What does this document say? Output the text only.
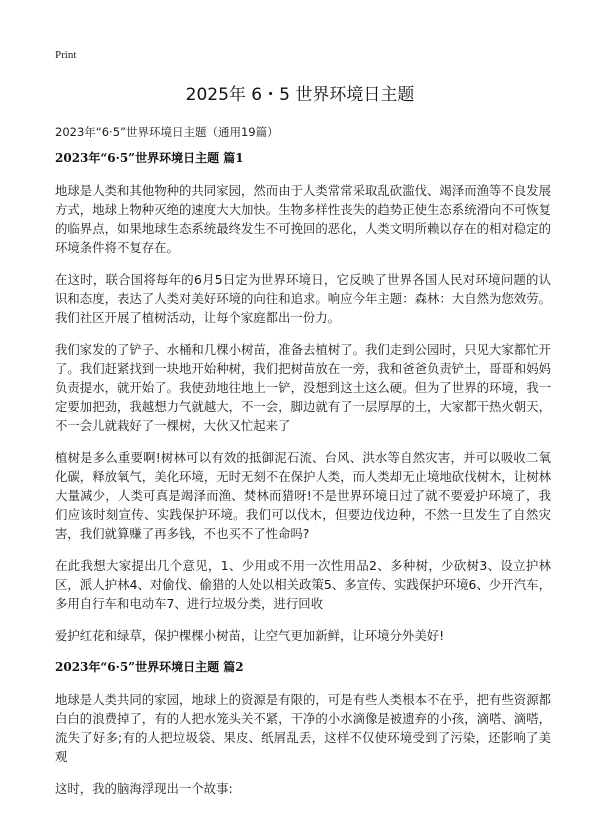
Print
2025年 6・5 世界环境日主题
2023年“6·5”世界环境日主题（通用19篇）
2023年“6·5”世界环境日主题 篇1

地球是人类和其他物种的共同家园，然而由于人类常常采取乱砍滥伐、竭泽而渔等不良发展方式，地球上物种灭绝的速度大大加快。生物多样性丧失的趋势正使生态系统滑向不可恢复的临界点，如果地球生态系统最终发生不可挽回的恶化，人类文明所赖以存在的相对稳定的环境条件将不复存在。

在这时，联合国将每年的6月5日定为世界环境日，它反映了世界各国人民对环境问题的认识和态度，表达了人类对美好环境的向往和追求。响应今年主题：森林：大自然为您效劳。我们社区开展了植树活动，让每个家庭都出一份力。

我们家发的了铲子、水桶和几棵小树苗，准备去植树了。我们走到公园时，只见大家都忙开了。我们赶紧找到一块地开始种树，我们把树苗放在一旁，我和爸爸负责铲土，哥哥和妈妈负责提水，就开始了。我使劲地往地上一铲，没想到这土这么硬。但为了世界的环境，我一定要加把劲，我越想力气就越大，不一会，脚边就有了一层厚厚的土，大家都干热火朝天，不一会儿就栽好了一棵树，大伙又忙起来了

植树是多么重要啊!树林可以有效的抵御泥石流、台风、洪水等自然灾害，并可以吸收二氧化碳，释放氧气，美化环境，无时无刻不在保护人类，而人类却无止境地砍伐树木，让树林大量减少，人类可真是竭泽而渔、焚林而猎呀!不是世界环境日过了就不要爱护环境了，我们应该时刻宣传、实践保护环境。我们可以伐木，但要边伐边种，不然一旦发生了自然灾害，我们就算赚了再多钱，不也买不了性命吗?

在此我想大家提出几个意见，1、少用或不用一次性用品2、多种树，少砍树3、设立护林区，派人护林4、对偷伐、偷猎的人处以相关政策5、多宣传、实践保护环境6、少开汽车，多用自行车和电动车7、进行垃圾分类，进行回收

爱护红花和绿草，保护棵棵小树苗，让空气更加新鲜，让环境分外美好!

2023年“6·5”世界环境日主题 篇2

地球是人类共同的家园，地球上的资源是有限的，可是有些人类根本不在乎，把有些资源都白白的浪费掉了，有的人把水笼头关不紧，干净的小水滴像是被遗弃的小孩，滴嗒、滴嗒，流失了好多;有的人把垃圾袋、果皮、纸屑乱丢，这样不仅使环境受到了污染，还影响了美观

这时，我的脑海浮现出一个故事:
